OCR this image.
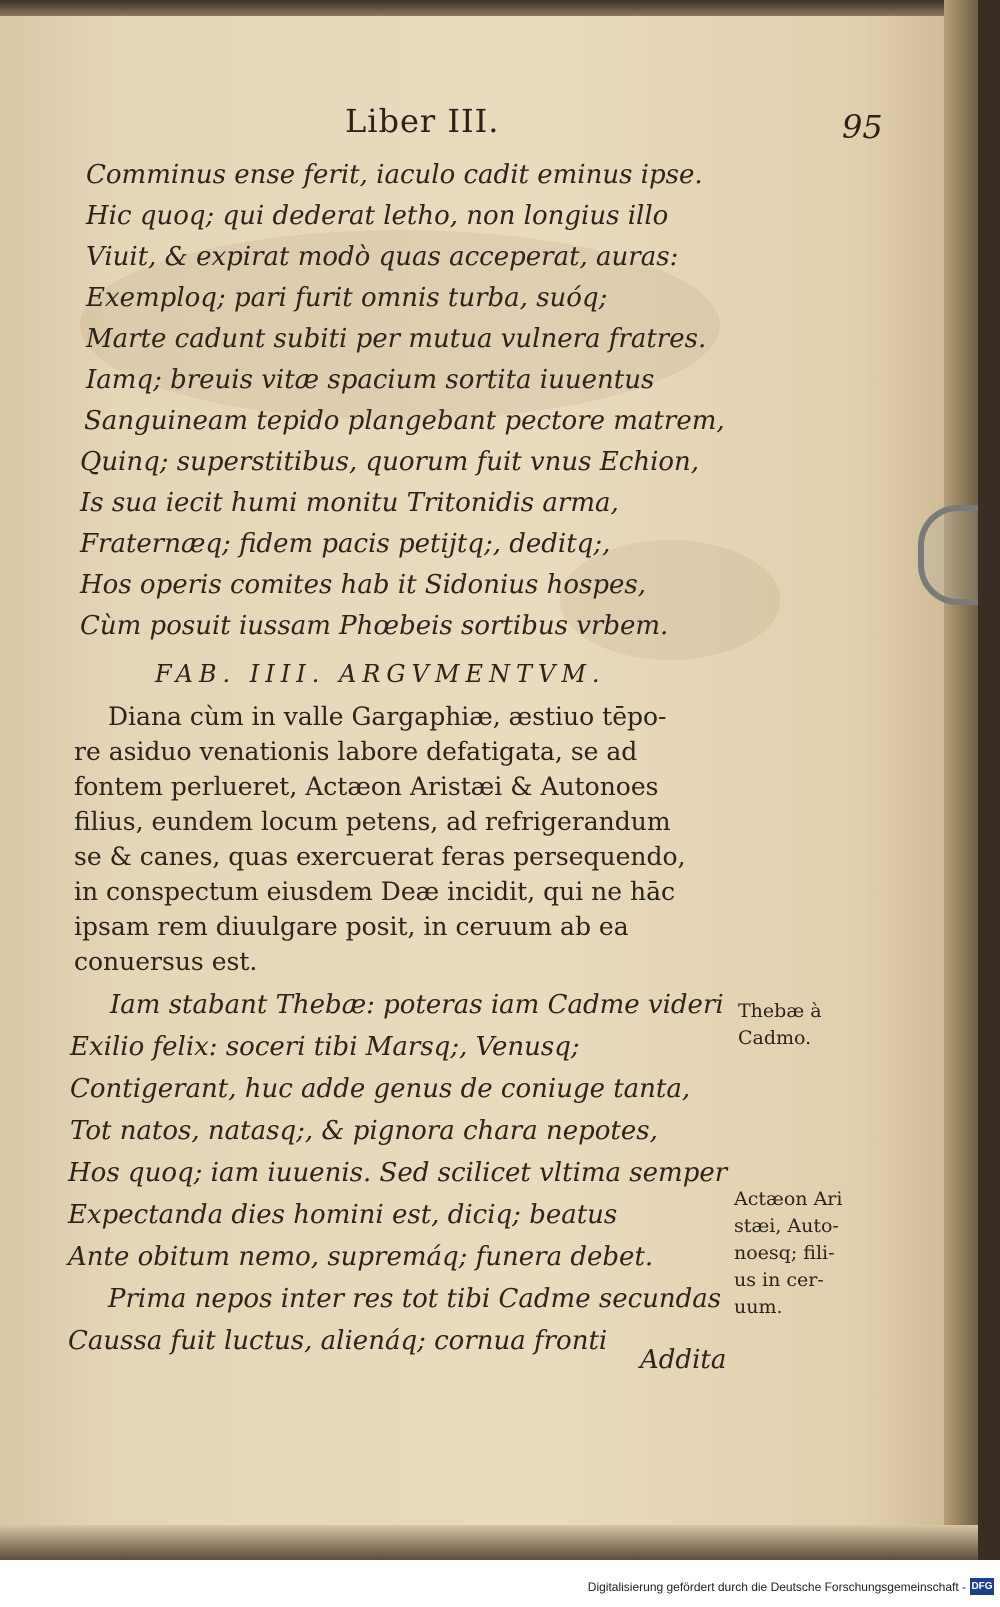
Liber III.	95
Comminus ense ferit, iaculo cadit eminus ipse.
Hic quoq; qui dederat letho, non longius illo
Viuit, & expirat modò quas acceperat, auras:
Exemploq; pari furit omnis turba, suóq;
Marte cadunt subiti per mutua vulnera fratres.
Iamq; breuis vitæ spacium sortita iuuentus
Sanguineam tepido plangebant pectore matrem,
Quinq; superstitibus, quorum fuit vnus Echion,
Is sua iecit humi monitu Tritonidis arma,
Fraternæq; fidem pacis petijtq;, deditq;,
Hos operis comites hab it Sidonius hospes,
Cùm posuit iussam Phœbeis sortibus vrbem.
FAB. IIII. ARGVMENTVM.
Diana cùm in valle Gargaphiæ, æstiuo tēpo-
re asiduo venationis labore defatigata, se ad
fontem perlueret, Actæon Aristæi & Autonoes
filius, eundem locum petens, ad refrigerandum
se & canes, quas exercuerat feras persequendo,
in conspectum eiusdem Deæ incidit, qui ne hāc
ipsam rem diuulgare posit, in ceruum ab ea
conuersus est.
Iam stabant Thebæ: poteras iam Cadme videri
Exilio felix: soceri tibi Marsq;, Venusq;
Contigerant, huc adde genus de coniuge tanta,
Tot natos, natasq;, & pignora chara nepotes,
Hos quoq; iam iuuenis. Sed scilicet vltima semper
Expectanda dies homini est, diciq; beatus
Ante obitum nemo, supremáq; funera debet.
Prima nepos inter res tot tibi Cadme secundas
Caussa fuit luctus, alienáq; cornua fronti
Thebæ à
Cadmo.
Actæon Ari
stæi, Auto-
noesq; fili-
us in cer-
uum.
Addita
Digitalisierung gefördert durch die Deutsche Forschungsgemeinschaft - DFG
